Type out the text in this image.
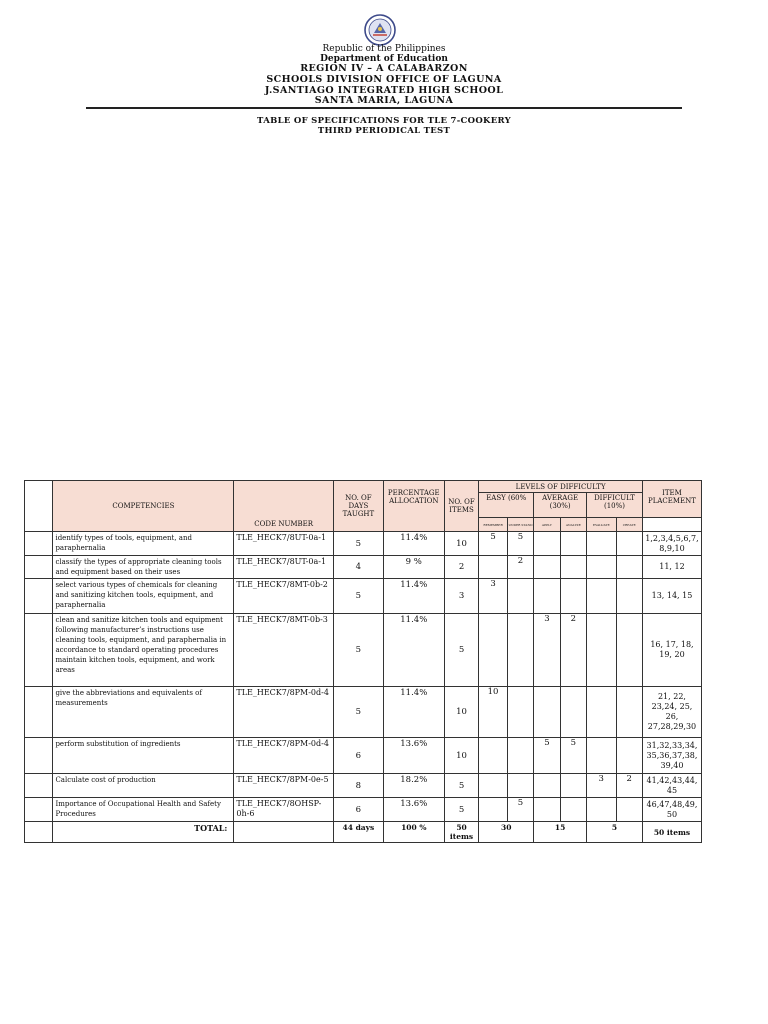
Republic of the Philippines
Department of Education
REGION IV – A CALABARZON
SCHOOLS DIVISION OFFICE OF LAGUNA
J.SANTIAGO INTEGRATED HIGH SCHOOL
SANTA MARIA, LAGUNA
TABLE OF SPECIFICATIONS FOR TLE 7-COOKERY
THIRD PERIODICAL TEST
	COMPETENCIES	CODE NUMBER	NO. OF DAYS TAUGHT	PERCENTAGE ALLOCATION	NO. OF ITEMS	LEVELS OF DIFFICULTY						ITEM PLACEMENT
						EASY (60%		AVERAGE (30%)		DIFFICULT (10%)		
						REMEMBER	UNDER STAND	APPLY	ANALYZE	EVALUATE	CREATE	
	identify types of tools, equipment, and paraphernalia	TLE_HECK7/8UT-0a-1	5	11.4%	10	5	5					1,2,3,4,5,6,7, 8,9,10
	classify the types of appropriate cleaning tools and equipment based on their uses	TLE_HECK7/8UT-0a-1	4	9 %	2		2					11, 12
	select various types of chemicals for cleaning and sanitizing kitchen tools, equipment, and paraphernalia	TLE_HECK7/8MT-0b-2	5	11.4%	3	3						13, 14, 15
	clean and sanitize kitchen tools and equipment following manufacturer’s instructions use cleaning tools, equipment, and paraphernalia in accordance to standard operating procedures maintain kitchen tools, equipment, and work areas	TLE_HECK7/8MT-0b-3	5	11.4%	5			3	2			16, 17, 18, 19, 20
	give the abbreviations and equivalents of measurements	TLE_HECK7/8PM-0d-4	5	11.4%	10	10						21, 22, 23,24, 25, 26, 27,28,29,30
	perform substitution of ingredients	TLE_HECK7/8PM-0d-4	6	13.6%	10			5	5			31,32,33,34, 35,36,37,38, 39,40
	Calculate cost of production	TLE_HECK7/8PM-0e-5	8	18.2%	5					3	2	41,42,43,44, 45
	Importance of Occupational Health and Safety Procedures	TLE_HECK7/8OHSP-0h-6	6	13.6%	5		5					46,47,48,49, 50
	TOTAL:		44 days	100 %	50 items	30		15		5		50 items
